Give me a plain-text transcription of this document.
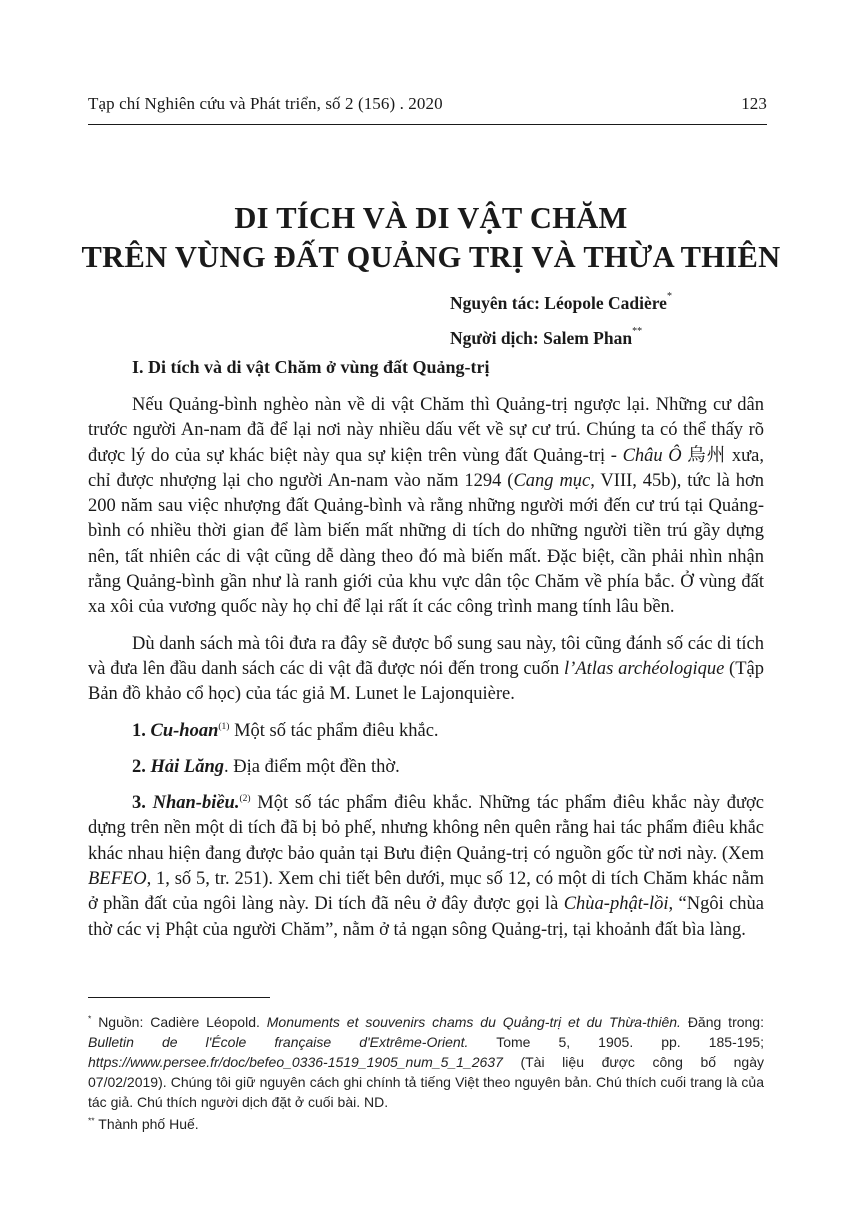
Tạp chí Nghiên cứu và Phát triển, số 2 (156) . 2020	123
DI TÍCH VÀ DI VẬT CHĂM
TRÊN VÙNG ĐẤT QUẢNG TRỊ VÀ THỪA THIÊN
Nguyên tác: Léopole Cadière*
Người dịch: Salem Phan**
I. Di tích và di vật Chăm ở vùng đất Quảng-trị

Nếu Quảng-bình nghèo nàn về di vật Chăm thì Quảng-trị ngược lại. Những cư dân trước người An-nam đã để lại nơi này nhiều dấu vết về sự cư trú. Chúng ta có thể thấy rõ được lý do của sự khác biệt này qua sự kiện trên vùng đất Quảng-trị - Châu Ô 烏州 xưa, chỉ được nhượng lại cho người An-nam vào năm 1294 (Cang mục, VIII, 45b), tức là hơn 200 năm sau việc nhượng đất Quảng-bình và rằng những người mới đến cư trú tại Quảng-bình có nhiều thời gian để làm biến mất những di tích do những người tiền trú gầy dựng nên, tất nhiên các di vật cũng dễ dàng theo đó mà biến mất. Đặc biệt, cần phải nhìn nhận rằng Quảng-bình gần như là ranh giới của khu vực dân tộc Chăm về phía bắc. Ở vùng đất xa xôi của vương quốc này họ chỉ để lại rất ít các công trình mang tính lâu bền.

Dù danh sách mà tôi đưa ra đây sẽ được bổ sung sau này, tôi cũng đánh số các di tích và đưa lên đầu danh sách các di vật đã được nói đến trong cuốn l’Atlas archéologique (Tập Bản đồ khảo cổ học) của tác giả M. Lunet le Lajonquière.

1. Cu-hoan$^{(1)}$ Một số tác phẩm điêu khắc.

2. Hải Lăng. Địa điểm một đền thờ.

3. Nhan-biều.$^{(2)}$ Một số tác phẩm điêu khắc. Những tác phẩm điêu khắc này được dựng trên nền một di tích đã bị bỏ phế, nhưng không nên quên rằng hai tác phẩm điêu khắc khác nhau hiện đang được bảo quản tại Bưu điện Quảng-trị có nguồn gốc từ nơi này. (Xem BEFEO, 1, số 5, tr. 251). Xem chi tiết bên dưới, mục số 12, có một di tích Chăm khác nằm ở phần đất của ngôi làng này. Di tích đã nêu ở đây được gọi là Chùa-phật-lồi, “Ngôi chùa thờ các vị Phật của người Chăm”, nằm ở tả ngạn sông Quảng-trị, tại khoảnh đất bìa làng.

* Nguồn: Cadière Léopold. Monuments et souvenirs chams du Quảng-trị et du Thừa-thiên. Đăng trong: Bulletin de l'École française d'Extrême-Orient. Tome 5, 1905. pp. 185-195; https://www.persee.fr/doc/befeo_0336-1519_1905_num_5_1_2637 (Tài liệu được công bố ngày 07/02/2019). Chúng tôi giữ nguyên cách ghi chính tả tiếng Việt theo nguyên bản. Chú thích cuối trang là của tác giả. Chú thích người dịch đặt ở cuối bài. ND.

** Thành phố Huế.
